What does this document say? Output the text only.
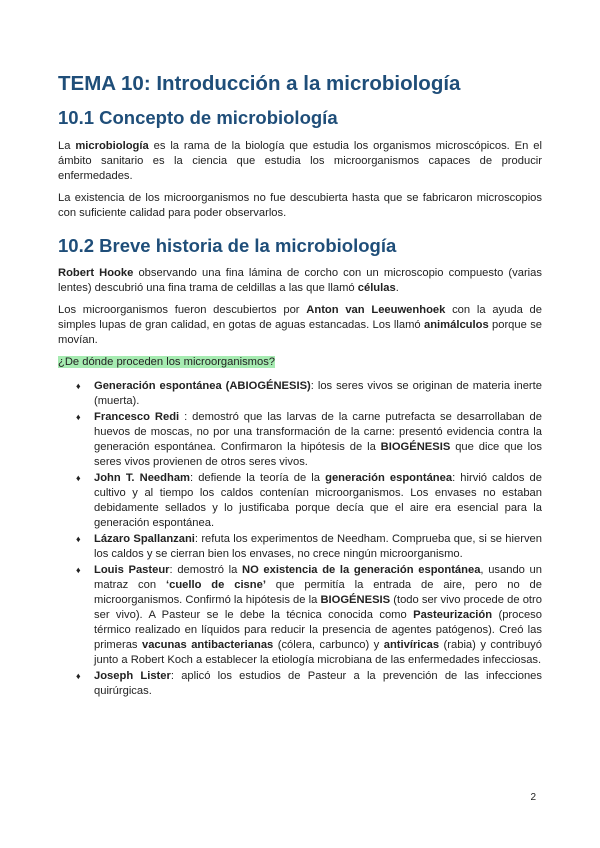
TEMA 10: Introducción a la microbiología
10.1 Concepto de microbiología

La microbiología es la rama de la biología que estudia los organismos microscópicos. En el ámbito sanitario es la ciencia que estudia los microorganismos capaces de producir enfermedades.

La existencia de los microorganismos no fue descubierta hasta que se fabricaron microscopios con suficiente calidad para poder observarlos.

10.2 Breve historia de la microbiología

Robert Hooke observando una fina lámina de corcho con un microscopio compuesto (varias lentes) descubrió una fina trama de celdillas a las que llamó células.

Los microorganismos fueron descubiertos por Anton van Leeuwenhoek con la ayuda de simples lupas de gran calidad, en gotas de aguas estancadas. Los llamó animálculos porque se movían.

¿De dónde proceden los microorganismos?

♦ Generación espontánea (ABIOGÉNESIS): los seres vivos se originan de materia inerte (muerta).
♦ Francesco Redi : demostró que las larvas de la carne putrefacta se desarrollaban de huevos de moscas, no por una transformación de la carne: presentó evidencia contra la generación espontánea. Confirmaron la hipótesis de la BIOGÉNESIS que dice que los seres vivos provienen de otros seres vivos.
♦ John T. Needham: defiende la teoría de la generación espontánea: hirvió caldos de cultivo y al tiempo los caldos contenían microorganismos. Los envases no estaban debidamente sellados y lo justificaba porque decía que el aire era esencial para la generación espontánea.
♦ Lázaro Spallanzani: refuta los experimentos de Needham. Comprueba que, si se hierven los caldos y se cierran bien los envases, no crece ningún microorganismo.
♦ Louis Pasteur: demostró la NO existencia de la generación espontánea, usando un matraz con ‘cuello de cisne’ que permitía la entrada de aire, pero no de microorganismos. Confirmó la hipótesis de la BIOGÉNESIS (todo ser vivo procede de otro ser vivo). A Pasteur se le debe la técnica conocida como Pasteurización (proceso térmico realizado en líquidos para reducir la presencia de agentes patógenos). Creó las primeras vacunas antibacterianas (cólera, carbunco) y antivíricas (rabia) y contribuyó junto a Robert Koch a establecer la etiología microbiana de las enfermedades infecciosas.
♦ Joseph Lister: aplicó los estudios de Pasteur a la prevención de las infecciones quirúrgicas.
2
